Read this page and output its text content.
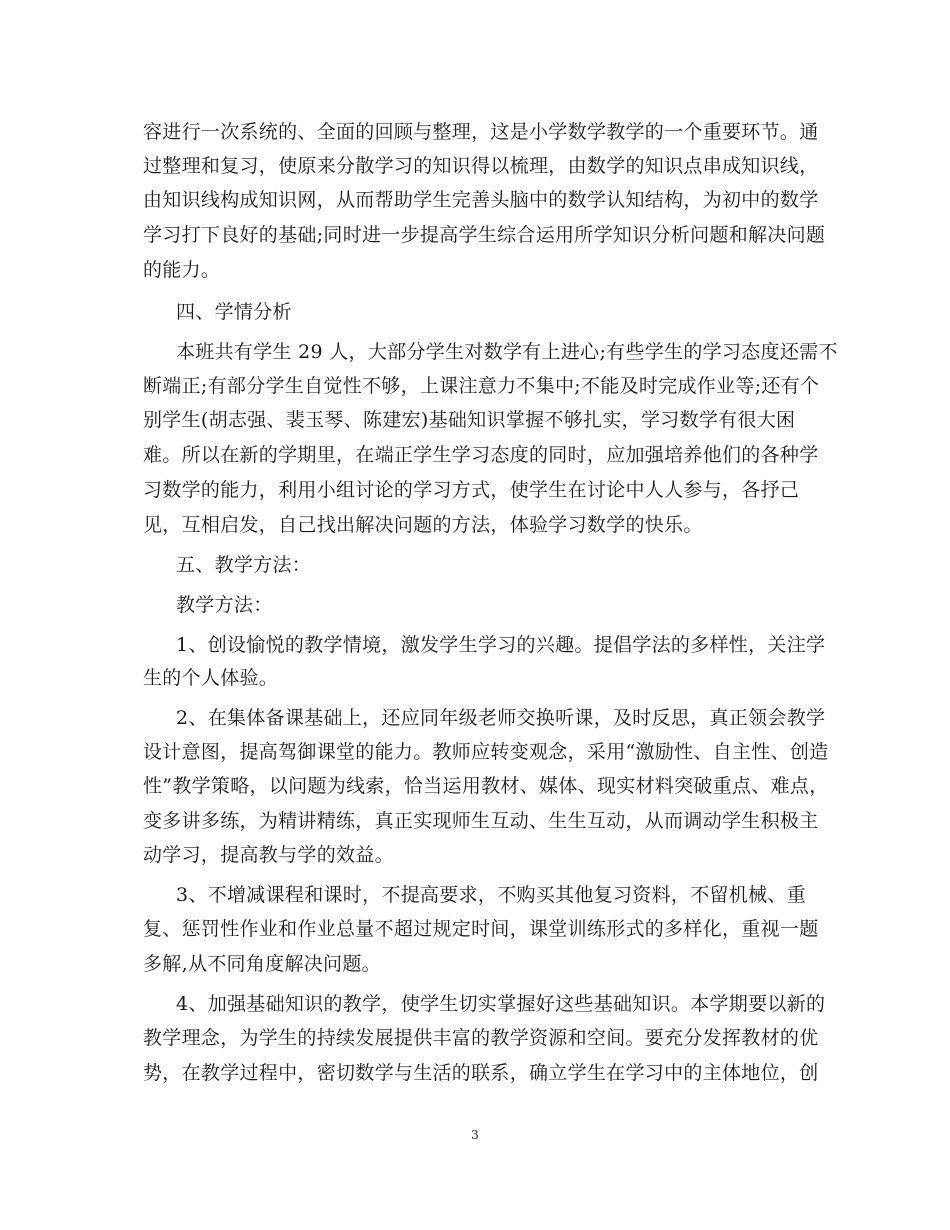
容进行一次系统的、全面的回顾与整理，这是小学数学教学的一个重要环节。通
过整理和复习，使原来分散学习的知识得以梳理，由数学的知识点串成知识线，
由知识线构成知识网，从而帮助学生完善头脑中的数学认知结构，为初中的数学
学习打下良好的基础;同时进一步提高学生综合运用所学知识分析问题和解决问题
的能力。
四、学情分析
本班共有学生 29 人，大部分学生对数学有上进心;有些学生的学习态度还需不
断端正;有部分学生自觉性不够，上课注意力不集中;不能及时完成作业等;还有个
别学生(胡志强、裴玉琴、陈建宏)基础知识掌握不够扎实，学习数学有很大困
难。所以在新的学期里，在端正学生学习态度的同时，应加强培养他们的各种学
习数学的能力，利用小组讨论的学习方式，使学生在讨论中人人参与，各抒己
见，互相启发，自己找出解决问题的方法，体验学习数学的快乐。
五、教学方法：
教学方法：
1、创设愉悦的教学情境，激发学生学习的兴趣。提倡学法的多样性，关注学
生的个人体验。
2、在集体备课基础上，还应同年级老师交换听课，及时反思，真正领会教学
设计意图，提高驾御课堂的能力。教师应转变观念，采用“激励性、自主性、创造
性”教学策略，以问题为线索，恰当运用教材、媒体、现实材料突破重点、难点，
变多讲多练，为精讲精练，真正实现师生互动、生生互动，从而调动学生积极主
动学习，提高教与学的效益。
3、不增减课程和课时，不提高要求，不购买其他复习资料，不留机械、重
复、惩罚性作业和作业总量不超过规定时间，课堂训练形式的多样化，重视一题
多解,从不同角度解决问题。
4、加强基础知识的教学，使学生切实掌握好这些基础知识。本学期要以新的
教学理念，为学生的持续发展提供丰富的教学资源和空间。要充分发挥教材的优
势，在教学过程中，密切数学与生活的联系，确立学生在学习中的主体地位，创
3
